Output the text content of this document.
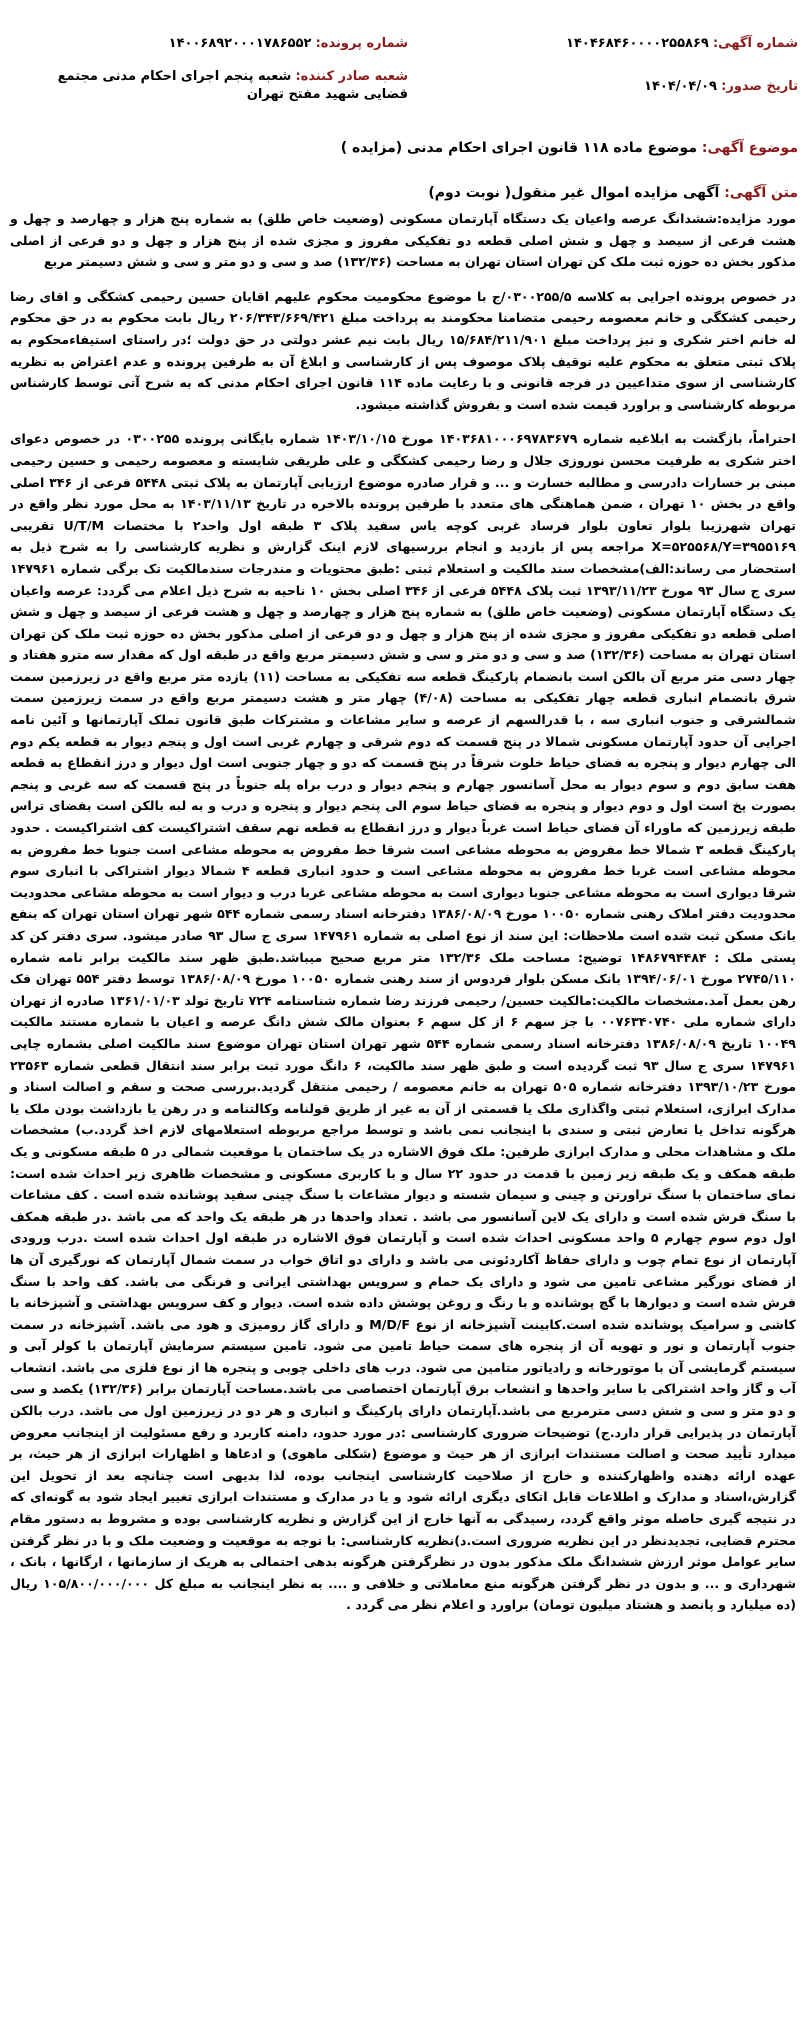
شماره آگهی: ۱۴۰۴۶۸۴۶۰۰۰۰۲۵۵۸۶۹
شماره پرونده: ۱۴۰۰۶۸۹۲۰۰۰۱۷۸۶۵۵۲
تاریخ صدور: ۱۴۰۴/۰۴/۰۹
شعبه صادر کننده: شعبه پنجم اجرای احکام مدنی مجتمع قضایی شهید مفتح تهران
موضوع آگهی: موضوع ماده ۱۱۸ قانون اجرای احکام مدنی (مزایده )
متن آگهی: آگهی مزایده اموال غیر منقول( نوبت دوم)

مورد مزایده:ششدانگ عرصه واعیان یک دستگاه آپارتمان مسکونی (وضعیت خاص طلق) به شماره پنج هزار و چهارصد و چهل و هشت فرعی از سیصد و چهل و شش اصلی قطعه دو تفکیکی مفروز و مجزی شده از پنج هزار و چهل و دو فرعی از اصلی مذکور بخش ده حوزه ثبت ملک کن تهران استان تهران به مساحت (۱۳۲/۳۶) صد و سی و دو متر و سی و شش دسیمتر مربع

در خصوص پرونده اجرایی به کلاسه ۰۳۰۰۲۵۵/۵/ج با موضوع محکومیت محکوم علیهم اقایان حسین رحیمی کشکگی و اقای رضا رحیمی کشکگی و خانم معصومه رحیمی متضامنا محکومند به پرداخت مبلغ ۲۰۶/۳۴۳/۶۶۹/۴۲۱ ریال بابت محکوم به در حق محکوم له خانم اختر شکری و نیز پرداخت مبلغ ۱۵/۶۸۴/۲۱۱/۹۰۱ ریال بابت نیم عشر دولتی در حق دولت ؛در راستای استیفاءمحکوم به پلاک ثبتی متعلق به محکوم علیه توقیف پلاک موصوف پس از کارشناسی و ابلاغ آن به طرفین پرونده و عدم اعتراض به نظریه کارشناسی از سوی متداعیین در فرجه قانونی و با رعایت ماده ۱۱۴ قانون اجرای احکام مدنی که به شرح آتی توسط کارشناس مربوطه کارشناسی و براورد قیمت شده است و بفروش گذاشته میشود.

احتراماً، بازگشت به ابلاغیه شماره ۱۴۰۳۶۸۱۰۰۰۶۹۷۸۳۶۷۹ مورخ ۱۴۰۳/۱۰/۱۵ شماره بایگانی پرونده ۰۳۰۰۲۵۵ در خصوص دعوای اختر شکری به طرفیت محسن نوروزی جلال و رضا رحیمی کشکگی و علی طریقی شایسته و معصومه رحیمی و حسین رحیمی مبنی بر خسارات دادرسی و مطالبه خسارت و ... و قرار صادره موضوع ارزیابی آپارتمان به پلاک ثبتی ۵۴۴۸ فرعی از ۳۴۶ اصلی واقع در بخش ۱۰ تهران ، ضمن هماهنگی های متعدد با طرفین پرونده بالاخره در تاریخ ۱۴۰۳/۱۱/۱۳ به محل مورد نظر واقع در تهران شهرزیبا بلوار تعاون بلوار فرساد غربی کوچه یاس سفید پلاک ۳ طبقه اول واحد۲ با مختصات U/T/M تقریبی X=۵۲۵۵۶۸/Y=۳۹۵۵۱۶۹ مراجعه پس از بازدید و انجام بررسیهای لازم اینک گزارش و نظریه کارشناسی را به شرح ذیل به استحضار می رساند:الف)مشخصات سند مالکیت و استعلام ثبتی :طبق محتویات و مندرجات سندمالکیت تک برگی شماره ۱۴۷۹۶۱ سری ج سال ۹۳ مورخ ۱۳۹۳/۱۱/۲۳ ثبت پلاک ۵۴۴۸ فرعی از ۳۴۶ اصلی بخش ۱۰ ناحیه به شرح ذیل اعلام می گردد: عرصه واعیان یک دستگاه آپارتمان مسکونی (وضعیت خاص طلق) به شماره پنج هزار و چهارصد و چهل و هشت فرعی از سیصد و چهل و شش اصلی قطعه دو تفکیکی مفروز و مجزی شده از پنج هزار و چهل و دو فرعی از اصلی مذکور بخش ده حوزه ثبت ملک کن تهران استان تهران به مساحت (۱۳۲/۳۶) صد و سی و دو متر و سی و شش دسیمتر مربع واقع در طبقه اول که مقدار سه مترو هفتاد و چهار دسی متر مربع آن بالکن است بانضمام پارکینگ قطعه سه تفکیکی به مساحت (۱۱) یازده متر مربع واقع در زیرزمین سمت شرق بانضمام انباری قطعه چهار تفکیکی به مساحت (۴/۰۸) چهار متر و هشت دسیمتر مربع واقع در سمت زیرزمین سمت شمالشرقی و جنوب انباری سه ، با قدرالسهم از عرصه و سایر مشاعات و مشترکات طبق قانون تملک آپارتمانها و آئین نامه اجرایی آن حدود آپارتمان مسکونی شمالا در پنج قسمت که دوم شرقی و چهارم غربی است اول و پنجم دیوار به قطعه یکم دوم الی چهارم دیوار و پنجره به فضای حیاط خلوت شرقاً در پنج قسمت که دو و چهار جنوبی است اول دیوار و درز انقطاع به قطعه هفت سابق دوم و سوم دیوار به محل آسانسور چهارم و پنجم دیوار و درب براه پله جنوباً در پنج قسمت که سه غربی و پنجم بصورت پخ است اول و دوم دیوار و پنجره به فضای حیاط سوم الی پنجم دیوار و پنجره و درب و به لبه بالکن است بفضای تراس طبقه زیرزمین که ماوراء آن فضای حیاط است غرباً دیوار و درز انقطاع به قطعه نهم سقف اشتراکیست کف اشتراکیست . حدود پارکینگ قطعه ۳ شمالا خط مفروض به محوطه مشاعی است شرقا خط مفروض به محوطه مشاعی است جنوبا خط مفروض به محوطه مشاعی است غربا خط مفروض به محوطه مشاعی است و حدود انباری قطعه ۴ شمالا دیوار اشتراکی با انباری سوم شرقا دیواری است به محوطه مشاعی جنوبا دیواری است به محوطه مشاعی غربا درب و دیوار است به محوطه مشاعی محدودیت محدودیت دفتر املاک رهنی شماره ۱۰۰۵۰ مورخ ۱۳۸۶/۰۸/۰۹ دفترخانه اسناد رسمی شماره ۵۴۴ شهر تهران استان تهران که بنفع بانک مسکن ثبت شده است ملاحظات: این سند از نوع اصلی به شماره ۱۴۷۹۶۱ سری ج سال ۹۳ صادر میشود. سری دفتر کن کد پستی ملک : ۱۴۸۶۷۹۴۴۸۴ توضیح: مساحت ملک ۱۳۲/۳۶ متر مربع صحیح میباشد.طبق ظهر سند مالکیت برابر نامه شماره ۲۷۴۵/۱۱۰ مورخ ۱۳۹۴/۰۶/۰۱ بانک مسکن بلوار فردوس از سند رهنی شماره ۱۰۰۵۰ مورخ ۱۳۸۶/۰۸/۰۹ توسط دفتر ۵۵۴ تهران فک رهن بعمل آمد.مشخصات مالکیت:مالکیت حسین/ رحیمی فرزند رضا شماره شناسنامه ۷۲۴ تاریخ تولد ۱۳۶۱/۰۱/۰۳ صادره از تهران دارای شماره ملی ۰۰۷۶۳۴۰۷۴۰ با جز سهم ۶ از کل سهم ۶ بعنوان مالک شش دانگ عرصه و اعیان با شماره مستند مالکیت ۱۰۰۴۹ تاریخ ۱۳۸۶/۰۸/۰۹ دفترخانه اسناد رسمی شماره ۵۴۴ شهر تهران استان تهران موضوع سند مالکیت اصلی بشماره چاپی ۱۴۷۹۶۱ سری ج سال ۹۳ ثبت گردیده است و طبق ظهر سند مالکیت، ۶ دانگ مورد ثبت برابر سند انتقال قطعی شماره ۲۳۵۶۳ مورخ ۱۳۹۳/۱۰/۲۳ دفترخانه شماره ۵۰۵ تهران به خانم معصومه / رحیمی منتقل گردید.بررسی صحت و سقم و اصالت اسناد و مدارک ابرازی، استعلام ثبتی واگذاری ملک یا قسمتی از آن به غیر از طریق قولنامه وکالتنامه و در رهن یا بازداشت بودن ملک یا هرگونه تداخل یا تعارض ثبتی و سندی با اینجانب نمی باشد و توسط مراجع مربوطه استعلامهای لازم اخذ گردد.ب) مشخصات ملک و مشاهدات محلی و مدارک ابرازی طرفین: ملک فوق الاشاره در یک ساختمان با موقعیت شمالی در ۵ طبقه مسکونی و یک طبقه همکف و یک طبقه زیر زمین با قدمت در حدود ۲۲ سال و با کاربری مسکونی و مشخصات ظاهری زیر احداث شده است: نمای ساختمان با سنگ تراورتن و چینی و سیمان شسته و دیوار مشاعات با سنگ چینی سفید پوشانده شده است . کف مشاعات با سنگ فرش شده است و دارای یک لاین آسانسور می باشد . تعداد واحدها در هر طبقه یک واحد که می باشد .در طبقه همکف اول دوم سوم چهارم ۵ واحد مسکونی احداث شده است و آپارتمان فوق الاشاره در طبقه اول احداث شده است .درب ورودی آپارتمان از نوع تمام چوب و دارای حفاظ آکاردئونی می باشد و دارای دو اتاق خواب در سمت شمال آپارتمان که نورگیری آن ها از فضای نورگیر مشاعی تامین می شود و دارای یک حمام و سرویس بهداشتی ایرانی و فرنگی می باشد. کف واحد با سنگ فرش شده است و دیوارها با گچ پوشانده و با رنگ و روغن پوشش داده شده است. دیوار و کف سرویس بهداشتی و آشپزخانه با کاشی و سرامیک پوشانده شده است.کابینت آشپزخانه از نوع M/D/F و دارای گاز رومیزی و هود می باشد. آشپزخانه در سمت جنوب آپارتمان و نور و تهویه آن از پنجره های سمت حیاط تامین می شود. تامین سیستم سرمایش آپارتمان با کولر آبی و سیستم گرمایشی آن با موتورخانه و رادیاتور متامین می شود. درب های داخلی چوبی و پنجره ها از نوع فلزی می باشد. انشعاب آب و گاز واحد اشتراکی با سایر واحدها و انشعاب برق آپارتمان اختصاصی می باشد.مساحت آپارتمان برابر (۱۳۲/۳۶) یکصد و سی و دو متر و سی و شش دسی مترمربع می باشد.آپارتمان دارای پارکینگ و انباری و هر دو در زیرزمین اول می باشد. درب بالکن آپارتمان در پذیرایی قرار دارد.ج) توضیحات ضروری کارشناسی :در مورد حدود، دامنه کاربرد و رفع مسئولیت از اینجانب معروض میدارد تأیید صحت و اصالت مستندات ابرازی از هر حیث و موضوع (شکلی ماهوی) و ادعاها و اظهارات ابرازی از هر حیث، بر عهده ارائه دهنده واظهارکننده و خارج از صلاحیت کارشناسی اینجانب بوده، لذا بدیهی است چنانچه بعد از تحویل این گزارش،اسناد و مدارک و اطلاعات قابل اتکای دیگری ارائه شود و یا در مدارک و مستندات ابرازی تغییر ایجاد شود به گونه‌ای که در نتیجه گیری حاصله موثر واقع گردد، رسیدگی به آنها خارج از این گزارش و نظریه کارشناسی بوده و مشروط به دستور مقام محترم قضایی، تجدیدنظر در این نظریه ضروری است.د)نظریه کارشناسی: با توجه به موقعیت و وضعیت ملک و با در نظر گرفتن سایر عوامل موثر ارزش ششدانگ ملک مذکور بدون در نظرگرفتن هرگونه بدهی احتمالی به هریک از سازمانها ، ارگانها ، بانک ، شهرداری و ... و بدون در نظر گرفتن هرگونه منع معاملاتی و خلافی و .... به نظر اینجانب به مبلغ کل ۱۰۵/۸۰۰/۰۰۰/۰۰۰ ریال (ده میلیارد و پانصد و هشتاد میلیون تومان) براورد و اعلام نظر می گردد .
